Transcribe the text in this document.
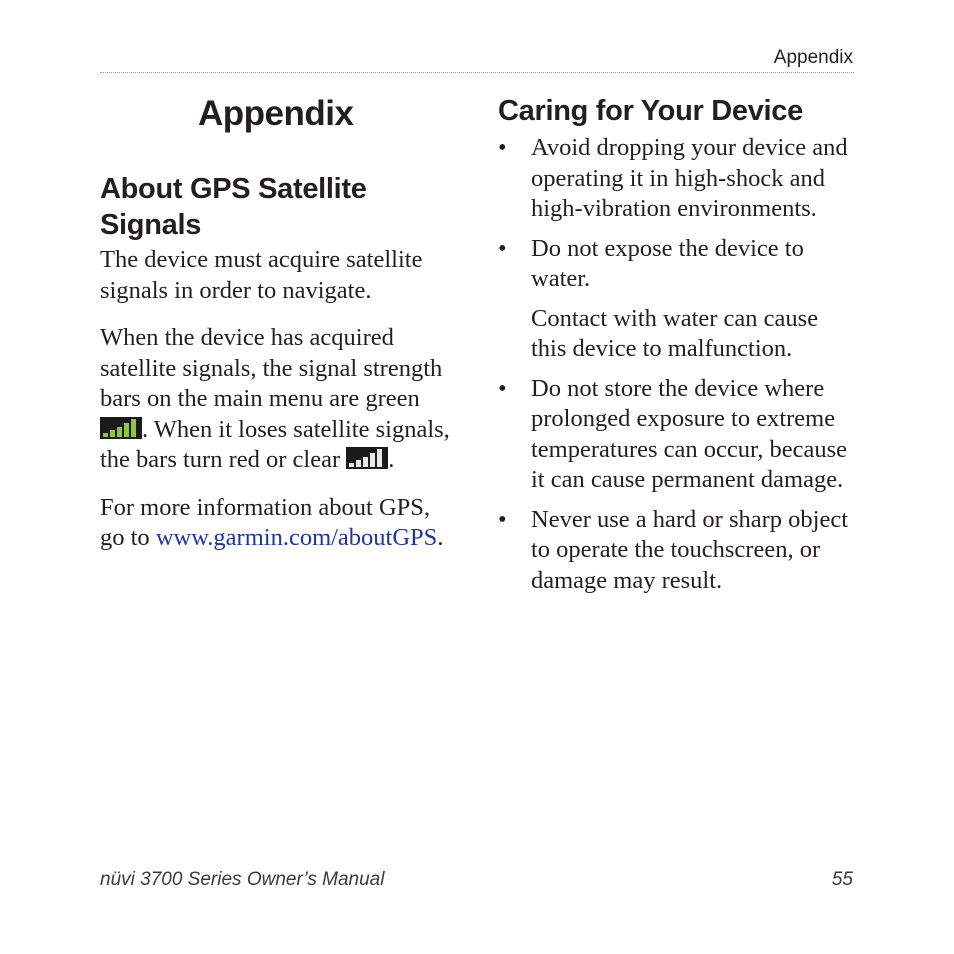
Appendix
Appendix
About GPS Satellite Signals

The device must acquire satellite signals in order to navigate.

When the device has acquired satellite signals, the signal strength bars on the main menu are green . When it loses satellite signals, the bars turn red or clear .

For more information about GPS, go to www.garmin.com/aboutGPS.

Caring for Your Device
• Avoid dropping your device and operating it in high-shock and high-vibration environments.

• Do not expose the device to water.

Contact with water can cause this device to malfunction.

• Do not store the device where prolonged exposure to extreme temperatures can occur, because it can cause permanent damage.

• Never use a hard or sharp object to operate the touchscreen, or damage may result.

nüvi 3700 Series Owner’s Manual	55
